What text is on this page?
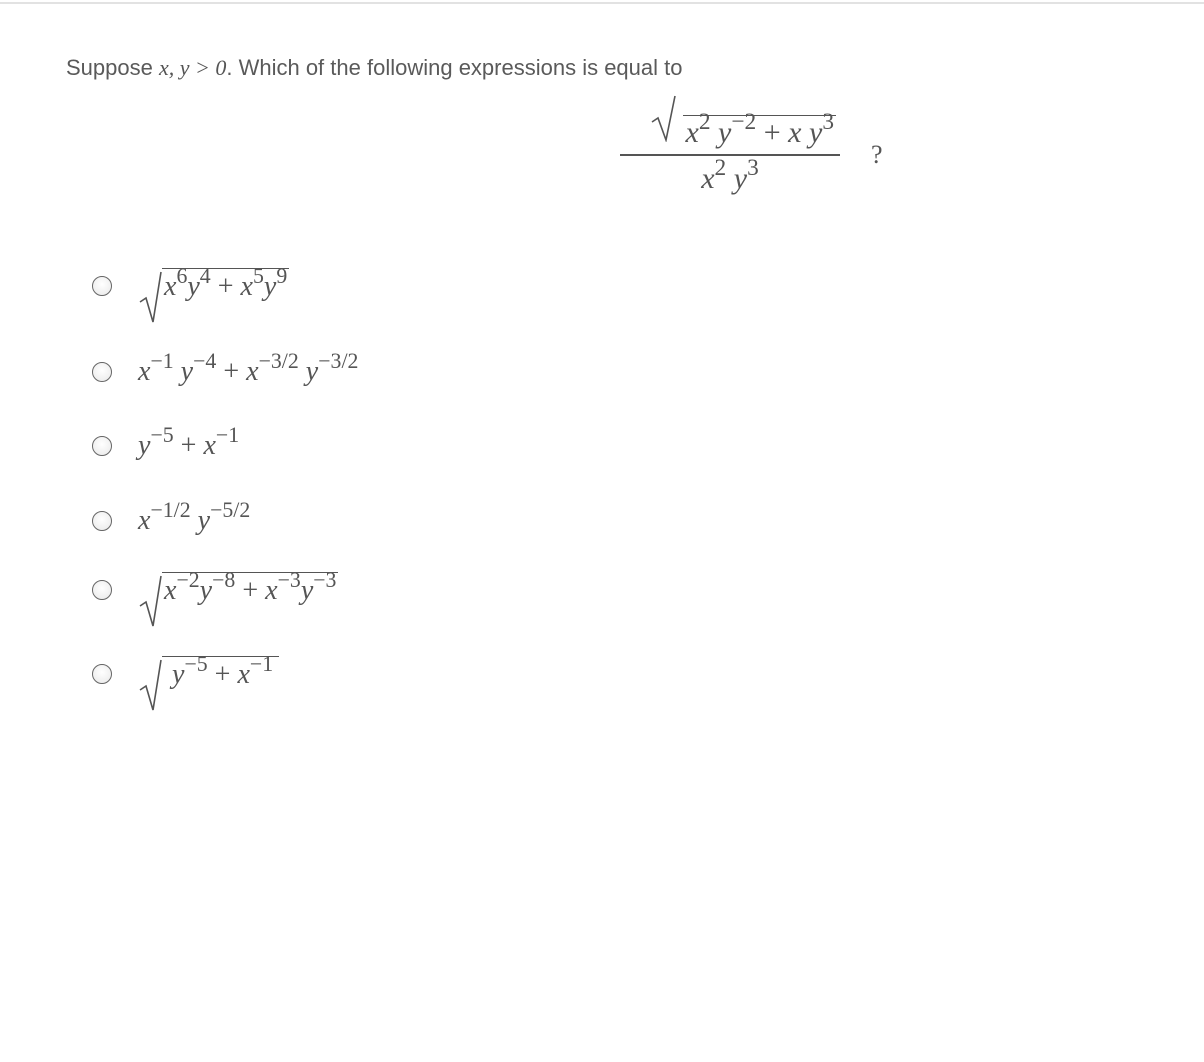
Suppose x, y > 0. Which of the following expressions is equal to
$x^2$ $y^{-2} + x$ $y^3$
$x^2$ $y^3$	?
$x^6y^4 + x^5y^9$
$x^{-1}$ $y^{-4} + x^{-3/2}$ $y^{-3/2}$
$y^{-5} + x^{-1}$
$x^{-1/2}$ $y^{-5/2}$
$x^{-2}y^{-8} + x^{-3}y^{-3}$
$y^{-5} + x^{-1}$
